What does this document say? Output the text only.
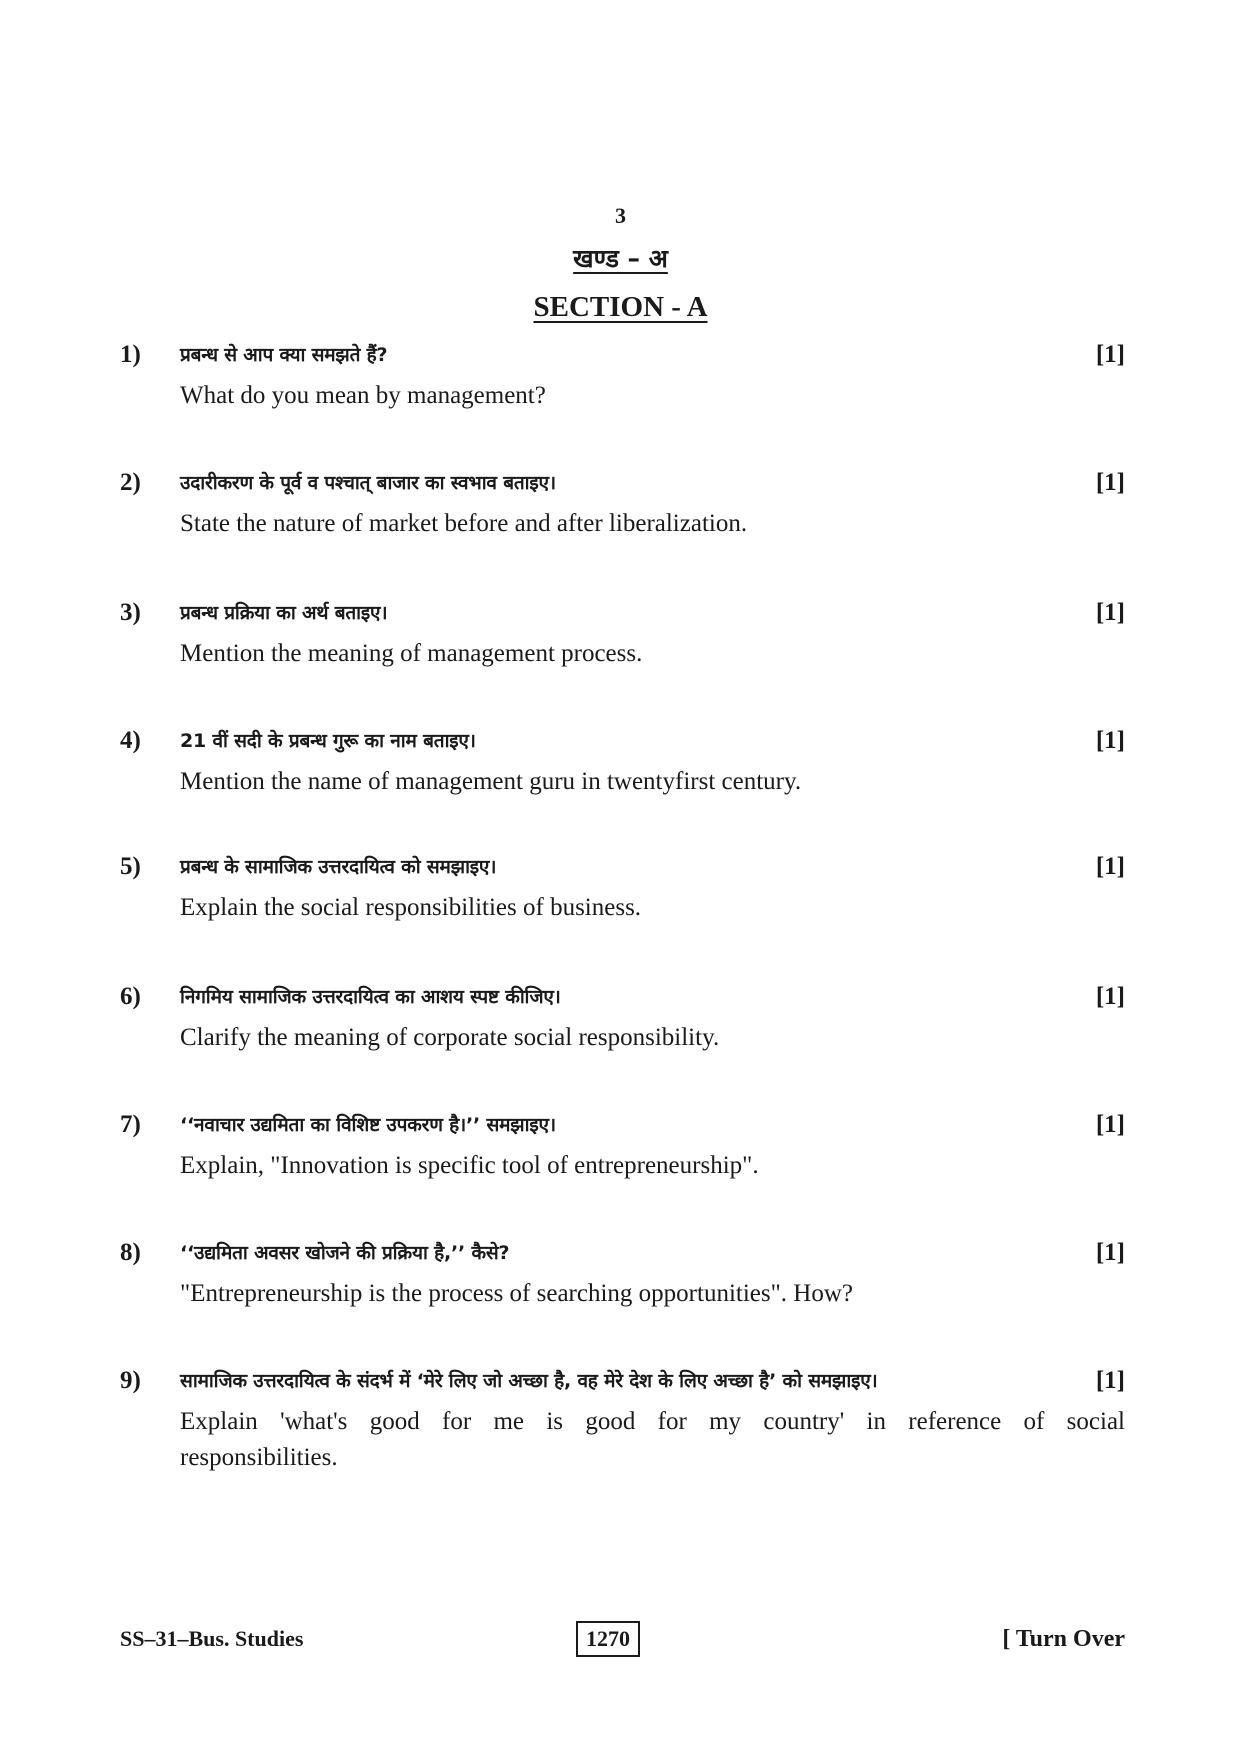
3
खण्ड – अ
SECTION - A
1) प्रबन्ध से आप क्या समझते हैं?	[1]
What do you mean by management?
2) उदारीकरण के पूर्व व पश्चात् बाजार का स्वभाव बताइए।	[1]
State the nature of market before and after liberalization.
3) प्रबन्ध प्रक्रिया का अर्थ बताइए।	[1]
Mention the meaning of management process.
4) 21 वीं सदी के प्रबन्ध गुरू का नाम बताइए।	[1]
Mention the name of management guru in twentyfirst century.
5) प्रबन्ध के सामाजिक उत्तरदायित्व को समझाइए।	[1]
Explain the social responsibilities of business.
6) निगमिय सामाजिक उत्तरदायित्व का आशय स्पष्ट कीजिए।	[1]
Clarify the meaning of corporate social responsibility.
7) ‘‘नवाचार उद्यमिता का विशिष्ट उपकरण है।’’ समझाइए।	[1]
Explain, "Innovation is specific tool of entrepreneurship".
8) ‘‘उद्यमिता अवसर खोजने की प्रक्रिया है,’’ कैसे?	[1]
"Entrepreneurship is the process of searching opportunities". How?
9) सामाजिक उत्तरदायित्व के संदर्भ में ‘मेरे लिए जो अच्छा है, वह मेरे देश के लिए अच्छा है’ को समझाइए।	[1]
Explain 'what's good for me is good for my country' in reference of social responsibilities.
SS–31–Bus. Studies	1270	[ Turn Over
